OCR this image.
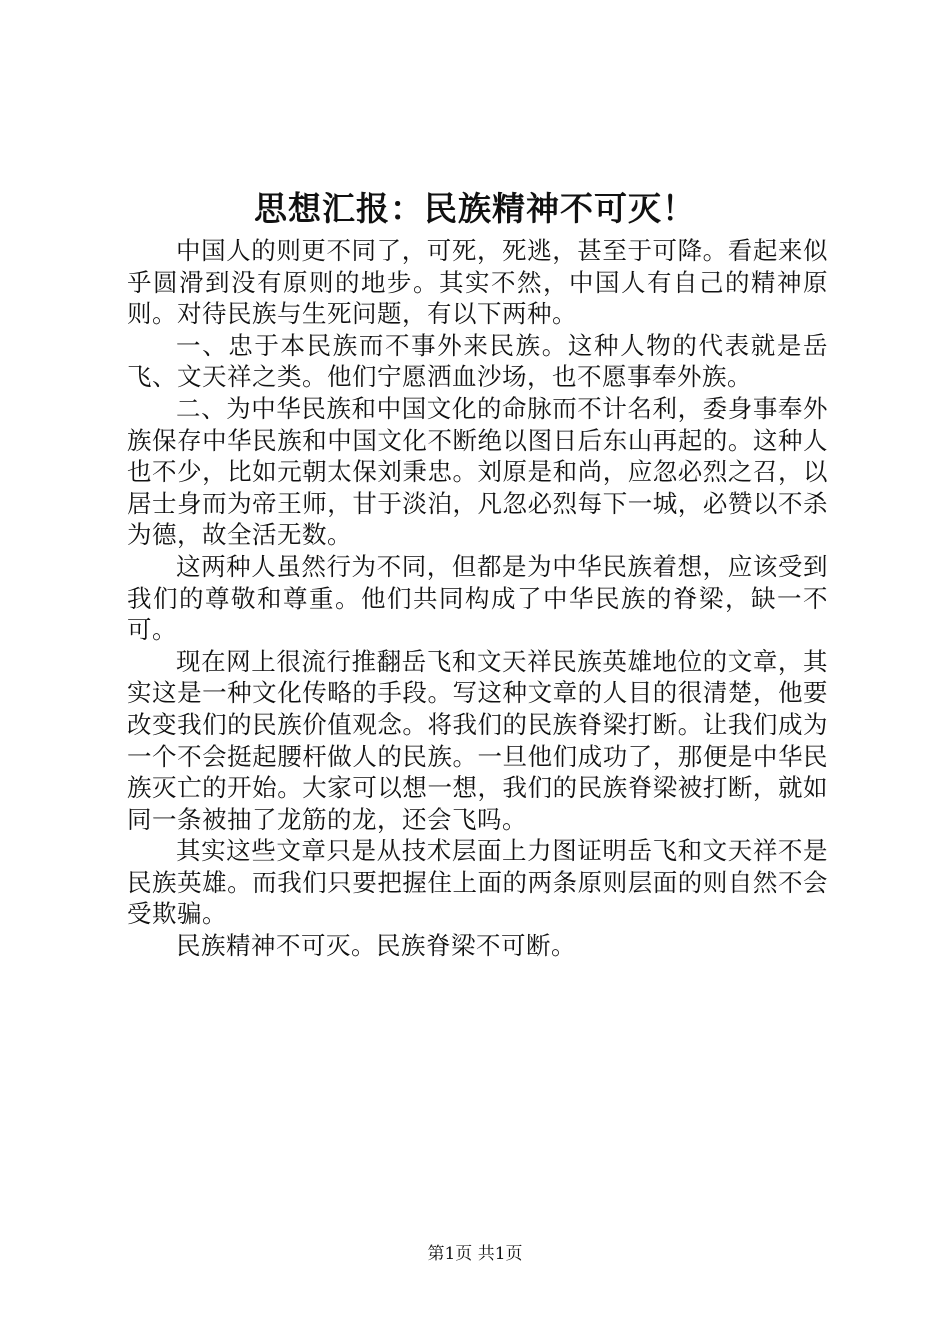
思想汇报：民族精神不可灭！

中国人的则更不同了，可死，死逃，甚至于可降。看起来似乎圆滑到没有原则的地步。其实不然，中国人有自己的精神原则。对待民族与生死问题，有以下两种。

一、忠于本民族而不事外来民族。这种人物的代表就是岳飞、文天祥之类。他们宁愿洒血沙场，也不愿事奉外族。

二、为中华民族和中国文化的命脉而不计名利，委身事奉外族保存中华民族和中国文化不断绝以图日后东山再起的。这种人也不少，比如元朝太保刘秉忠。刘原是和尚，应忽必烈之召，以居士身而为帝王师，甘于淡泊，凡忽必烈每下一城，必赞以不杀为德，故全活无数。

这两种人虽然行为不同，但都是为中华民族着想，应该受到我们的尊敬和尊重。他们共同构成了中华民族的脊梁，缺一不可。

现在网上很流行推翻岳飞和文天祥民族英雄地位的文章，其实这是一种文化传略的手段。写这种文章的人目的很清楚，他要改变我们的民族价值观念。将我们的民族脊梁打断。让我们成为一个不会挺起腰杆做人的民族。一旦他们成功了，那便是中华民族灭亡的开始。大家可以想一想，我们的民族脊梁被打断，就如同一条被抽了龙筋的龙，还会飞吗。

其实这些文章只是从技术层面上力图证明岳飞和文天祥不是民族英雄。而我们只要把握住上面的两条原则层面的则自然不会受欺骗。

民族精神不可灭。民族脊梁不可断。

第1页 共1页
